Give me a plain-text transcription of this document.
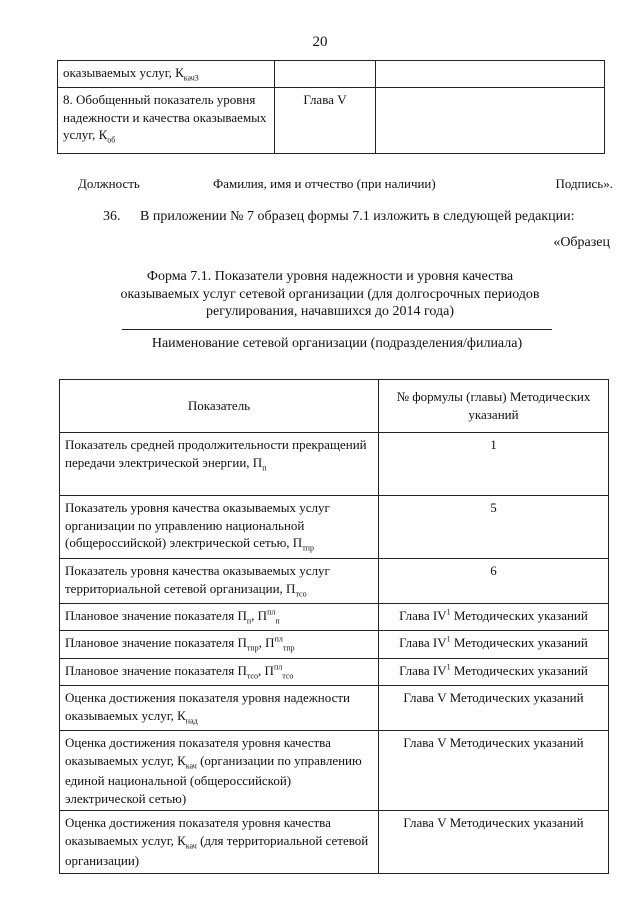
20
оказываемых услуг, $К_{кач3}$		
8. Обобщенный показатель уровня надежности и качества оказываемых услуг, $К_{об}$	Глава V	
Должность	Фамилия, имя и отчество (при наличии)	Подпись».
36. В приложении № 7 образец формы 7.1 изложить в следующей редакции:
«Образец
Форма 7.1. Показатели уровня надежности и уровня качества оказываемых услуг сетевой организации (для долгосрочных периодов регулирования, начавшихся до 2014 года)
Наименование сетевой организации (подразделения/филиала)
Показатель	№ формулы (главы) Методических указаний
Показатель средней продолжительности прекращений передачи электрической энергии, $П_п$	1
Показатель уровня качества оказываемых услуг организации по управлению национальной (общероссийской) электрической сетью, $П_{тпр}$	5
Показатель уровня качества оказываемых услуг территориальной сетевой организации, $П_{тсо}$	6
Плановое значение показателя $П_п$, $П^{пл}_п$	Глава $IV^1$ Методических указаний
Плановое значение показателя $П_{тпр}$, $П^{пл}_{тпр}$	Глава $IV^1$ Методических указаний
Плановое значение показателя $П_{тсо}$, $П^{пл}_{тсо}$	Глава $IV^1$ Методических указаний
Оценка достижения показателя уровня надежности оказываемых услуг, $К_{над}$	Глава V Методических указаний
Оценка достижения показателя уровня качества оказываемых услуг, $К_{кач}$ (организации по управлению единой национальной (общероссийской) электрической сетью)	Глава V Методических указаний
Оценка достижения показателя уровня качества оказываемых услуг, $К_{кач}$ (для территориальной сетевой организации)	Глава V Методических указаний
